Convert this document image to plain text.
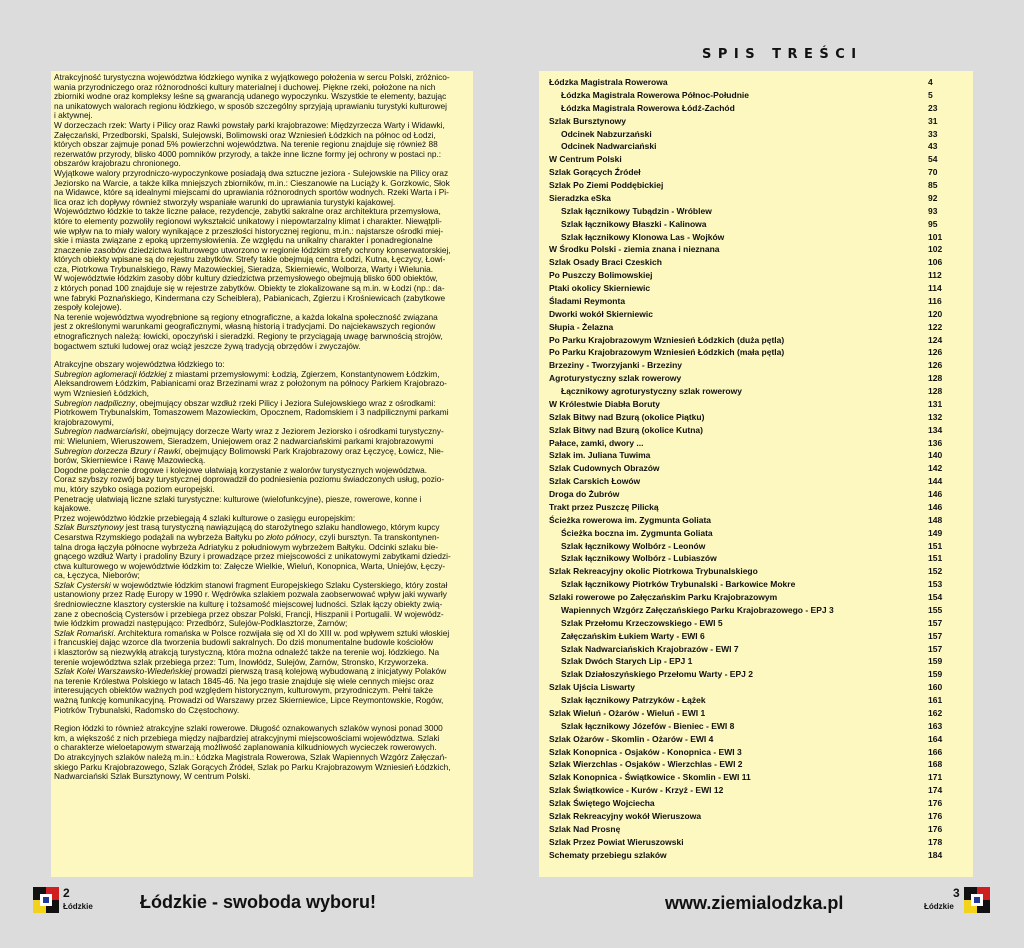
Atrakcyjność turystyczna województwa łódzkiego wynika z wyjątkowego położenia w sercu Polski, zróżnico-
wania przyrodniczego oraz różnorodności kultury materialnej i duchowej. Piękne rzeki, położone na nich
zbiorniki wodne oraz kompleksy leśne są gwarancją udanego wypoczynku. Wszystkie te elementy, bazując
na unikatowych walorach regionu łódzkiego, w sposób szczególny sprzyjają uprawianiu turystyki kulturowej
i aktywnej.

W dorzeczach rzek: Warty i Pilicy oraz Rawki powstały parki krajobrazowe: Międzyrzecza Warty i Widawki,
Załęczański, Przedborski, Spalski, Sulejowski, Bolimowski oraz Wzniesień Łódzkich na północ od Łodzi,
których obszar zajmuje ponad 5% powierzchni województwa. Na terenie regionu znajduje się również 88
rezerwatów przyrody, blisko 4000 pomników przyrody, a także inne liczne formy jej ochrony w postaci np.:
obszarów krajobrazu chronionego.

Wyjątkowe walory przyrodniczo-wypoczynkowe posiadają dwa sztuczne jeziora - Sulejowskie na Pilicy oraz
Jeziorsko na Warcie, a także kilka mniejszych zbiorników, m.in.: Cieszanowie na Luciąży k. Gorzkowic, Słok
na Widawce, które są idealnymi miejscami do uprawiania różnorodnych sportów wodnych. Rzeki Warta i Pi-
lica oraz ich dopływy również stworzyły wspaniałe warunki do uprawiania turystyki kajakowej.

Województwo łódzkie to także liczne pałace, rezydencje, zabytki sakralne oraz architektura przemysłowa,
które to elementy pozwoliły regionowi wykształcić unikatowy i niepowtarzalny klimat i charakter. Niewątpli-
wie wpływ na to miały walory wynikające z przeszłości historycznej regionu, m.in.: najstarsze ośrodki miej-
skie i miasta związane z epoką uprzemysłowienia. Ze względu na unikalny charakter i ponadregionalne
znaczenie zasobów dziedzictwa kulturowego utworzono w regionie łódzkim strefy ochrony konserwatorskiej,
których obiekty wpisane są do rejestru zabytków. Strefy takie obejmują centra Łodzi, Kutna, Łęczycy, Łowi-
cza, Piotrkowa Trybunalskiego, Rawy Mazowieckiej, Sieradza, Skierniewic, Wolborza, Warty i Wielunia.

W województwie łódzkim zasoby dóbr kultury dziedzictwa przemysłowego obejmują blisko 600 obiektów,
z których ponad 100 znajduje się w rejestrze zabytków. Obiekty te zlokalizowane są m.in. w Łodzi (np.: da-
wne fabryki Poznańskiego, Kindermana czy Scheiblera), Pabianicach, Zgierzu i Krośniewicach (zabytkowe
zespoły kolejowe).

Na terenie województwa wyodrębnione są regiony etnograficzne, a każda lokalna społeczność związana
jest z określonymi warunkami geograficznymi, własną historią i tradycjami. Do najciekawszych regionów
etnograficznych należą: łowicki, opoczyński i sieradzki. Regiony te przyciągają uwagę barwnością strojów,
bogactwem sztuki ludowej oraz wciąż jeszcze żywą tradycją obrzędów i zwyczajów.

Atrakcyjne obszary województwa łódzkiego to:
Subregion aglomeracji łódzkiej z miastami przemysłowymi: Łodzią, Zgierzem, Konstantynowem Łódzkim,
Aleksandrowem Łódzkim, Pabianicami oraz Brzezinami wraz z położonym na północy Parkiem Krajobrazo-
wym Wzniesień Łódzkich,
Subregion nadpiliczny, obejmujący obszar wzdłuż rzeki Pilicy i Jeziora Sulejowskiego wraz z ośrodkami:
Piotrkowem Trybunalskim, Tomaszowem Mazowieckim, Opocznem, Radomskiem i 3 nadpilicznymi parkami
krajobrazowymi,
Subregion nadwarciański, obejmujący dorzecze Warty wraz z Jeziorem Jeziorsko i ośrodkami turystyczny-
mi: Wieluniem, Wieruszowem, Sieradzem, Uniejowem oraz 2 nadwarciańskimi parkami krajobrazowymi
Subregion dorzecza Bzury i Rawki, obejmujący Bolimowski Park Krajobrazowy oraz Łęczycę, Łowicz, Nie-
borów, Skierniewice i Rawę Mazowiecką.

Dogodne połączenie drogowe i kolejowe ułatwiają korzystanie z walorów turystycznych województwa.
Coraz szybszy rozwój bazy turystycznej doprowadził do podniesienia poziomu świadczonych usług, pozio-
mu, który szybko osiąga poziom europejski.
Penetrację ułatwiają liczne szlaki turystyczne: kulturowe (wielofunkcyjne), piesze, rowerowe, konne i
kajakowe.
Przez województwo łódzkie przebiegają 4 szlaki kulturowe o zasięgu europejskim:
Szlak Bursztynowy jest trasą turystyczną nawiązującą do starożytnego szlaku handlowego, którym kupcy
Cesarstwa Rzymskiego podążali na wybrzeża Bałtyku po złoto północy, czyli bursztyn. Ta transkontynen-
talna droga łączyła północne wybrzeża Adriatyku z południowym wybrzeżem Bałtyku. Odcinki szlaku bie-
gnącego wzdłuż Warty i pradoliny Bzury i prowadzące przez miejscowości z unikatowymi zabytkami dziedzi-
ctwa kulturowego w województwie łódzkim to: Załęcze Wielkie, Wieluń, Konopnica, Warta, Uniejów, Łęczy-
ca, Łęczyca, Nieborów;
Szlak Cysterski w województwie łódzkim stanowi fragment Europejskiego Szlaku Cysterskiego, który został
ustanowiony przez Radę Europy w 1990 r. Wędrówka szlakiem pozwala zaobserwować wpływ jaki wywarły
średniowieczne klasztory cysterskie na kulturę i tożsamość miejscowej ludności. Szlak łączy obiekty zwią-
zane z obecnością Cystersów i przebiega przez obszar Polski, Francji, Hiszpanii i Portugalii. W wojewódz-
twie łódzkim prowadzi następująco: Przedbórz, Sulejów-Podklasztorze, Żarnów;
Szlak Romański. Architektura romańska w Polsce rozwijała się od XI do XIII w. pod wpływem sztuki włoskiej
i francuskiej dając wzorce dla tworzenia budowli sakralnych. Do dziś monumentalne budowle kościołów
i klasztorów są niezwykłą atrakcją turystyczną, która można odnaleźć także na terenie woj. łódzkiego. Na
terenie województwa szlak przebiega przez: Tum, Inowłódz, Sulejów, Żarnów, Stronsko, Krzyworzeka.
Szlak Kolei Warszawsko-Wiedeńskiej prowadzi pierwszą trasą kolejową wybudowaną z inicjatywy Polaków
na terenie Królestwa Polskiego w latach 1845-46. Na jego trasie znajduje się wiele cennych miejsc oraz
interesujących obiektów ważnych pod względem historycznym, kulturowym, przyrodniczym. Pełni także
ważną funkcję komunikacyjną. Prowadzi od Warszawy przez Skierniewice, Lipce Reymontowskie, Rogów,
Piotrków Trybunalski, Radomsko do Częstochowy.

Region łódzki to również atrakcyjne szlaki rowerowe. Długość oznakowanych szlaków wynosi ponad 3000
km, a większość z nich przebiega między najbardziej atrakcyjnymi miejscowościami województwa. Szlaki
o charakterze wieloetapowym stwarzają możliwość zaplanowania kilkudniowych wycieczek rowerowych.
Do atrakcyjnych szlaków należą m.in.: Łódzka Magistrala Rowerowa, Szlak Wapiennych Wzgórz Załęczań-
skiego Parku Krajobrazowego, Szlak Gorących Źródeł, Szlak po Parku Krajobrazowym Wzniesień Łódzkich,
Nadwarciański Szlak Bursztynowy, W centrum Polski.

SPIS TREŚCI
Łódzka Magistrala Rowerowa	4
Łódzka Magistrala Rowerowa Północ-Południe	5
Łódzka Magistrala Rowerowa Łódź-Zachód	23
Szlak Bursztynowy	31
Odcinek Nabzurzański	33
Odcinek Nadwarciański	43
W Centrum Polski	54
Szlak Gorących Źródeł	70
Szlak Po Ziemi Poddębickiej	85
Sieradzka eSka	92
Szlak łącznikowy Tubądzin - Wróblew	93
Szlak łącznikowy Błaszki - Kalinowa	95
Szlak łącznikowy Klonowa Las - Wojków	101
W Środku Polski - ziemia znana i nieznana	102
Szlak Osady Braci Czeskich	106
Po Puszczy Bolimowskiej	112
Ptaki okolicy Skierniewic	114
Śladami Reymonta	116
Dworki wokół Skierniewic	120
Słupia - Żelazna	122
Po Parku Krajobrazowym Wzniesień Łódzkich (duża pętla)	124
Po Parku Krajobrazowym Wzniesień Łódzkich (mała pętla)	126
Brzeziny - Tworzyjanki - Brzeziny	126
Agroturystyczny szlak rowerowy	128
Łącznikowy agroturystyczny szlak rowerowy	128
W Królestwie Diabła Boruty	131
Szlak Bitwy nad Bzurą (okolice Piątku)	132
Szlak Bitwy nad Bzurą (okolice Kutna)	134
Pałace, zamki, dwory ...	136
Szlak im. Juliana Tuwima	140
Szlak Cudownych Obrazów	142
Szlak Carskich Łowów	144
Droga do Żubrów	146
Trakt przez Puszczę Pilicką	146
Ścieżka rowerowa im. Zygmunta Goliata	148
Ścieżka boczna im. Zygmunta Goliata	149
Szlak łącznikowy Wolbórz - Leonów	151
Szlak łącznikowy Wolbórz - Lubiaszów	151
Szlak Rekreacyjny okolic Piotrkowa Trybunalskiego	152
Szlak łącznikowy Piotrków Trybunalski - Barkowice Mokre	153
Szlaki rowerowe po Załęczańskim Parku Krajobrazowym	154
Wapiennych Wzgórz Załęczańskiego Parku Krajobrazowego - EPJ 3	155
Szlak Przełomu Krzeczowskiego - EWI 5	157
Załęczańskim Łukiem Warty - EWI 6	157
Szlak Nadwarciańskich Krajobrazów - EWI 7	157
Szlak Dwóch Starych Lip - EPJ 1	159
Szlak Działoszyńskiego Przełomu Warty - EPJ 2	159
Szlak Ujścia Liswarty	160
Szlak łącznikowy Patrzyków - Łążek	161
Szlak Wieluń - Ożarów - Wieluń - EWI 1	162
Szlak łącznikowy Józefów - Bieniec - EWI 8	163
Szlak Ożarów - Skomlin - Ożarów - EWI 4	164
Szlak Konopnica - Osjaków - Konopnica - EWI 3	166
Szlak Wierzchlas - Osjaków - Wierzchlas - EWI 2	168
Szlak Konopnica - Świątkowice - Skomlin - EWI 11	171
Szlak Świątkowice - Kurów - Krzyż - EWI 12	174
Szlak Świętego Wojciecha	176
Szlak Rekreacyjny wokół Wieruszowa	176
Szlak Nad Prosnę	176
Szlak Przez Powiat Wieruszowski	178
Schematy przebiegu szlaków	184
2
Łódzkie	Łódzkie - swoboda wyboru!	www.ziemialodzka.pl	3
Łódzkie
